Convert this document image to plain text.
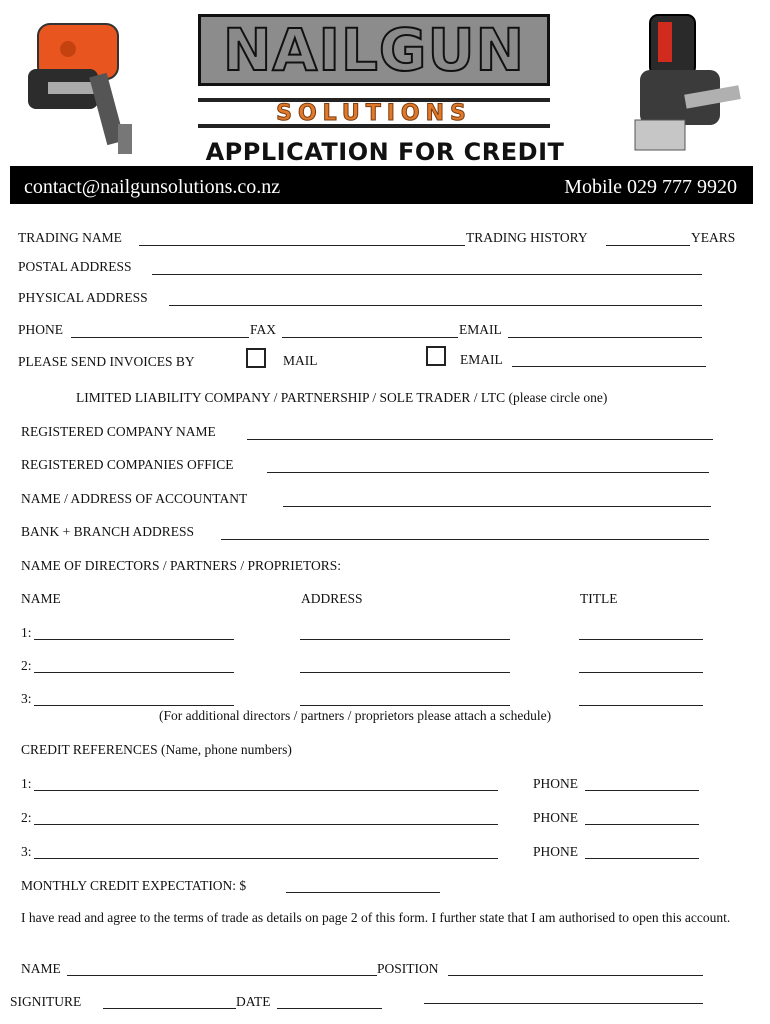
NAILGUN
SOLUTIONS
APPLICATION FOR CREDIT
contact@nailgunsolutions.co.nz	Mobile 029 777 9920
TRADING NAME	TRADING HISTORY	YEARS
POSTAL ADDRESS
PHYSICAL ADDRESS
PHONE	FAX	EMAIL
PLEASE SEND INVOICES BY	MAIL	EMAIL
LIMITED LIABILITY COMPANY / PARTNERSHIP / SOLE TRADER / LTC (please circle one)
REGISTERED COMPANY NAME
REGISTERED COMPANIES OFFICE
NAME / ADDRESS OF ACCOUNTANT
BANK + BRANCH ADDRESS
NAME OF DIRECTORS / PARTNERS / PROPRIETORS:
NAME	ADDRESS	TITLE
1:
2:
3:
(For additional directors / partners / proprietors please attach a schedule)
CREDIT REFERENCES (Name, phone numbers)
1:	PHONE
2:	PHONE
3:	PHONE
MONTHLY CREDIT EXPECTATION: $
I have read and agree to the terms of trade as details on page 2 of this form. I further state that I am authorised to open this account.
NAME	POSITION
SIGNITURE	DATE
